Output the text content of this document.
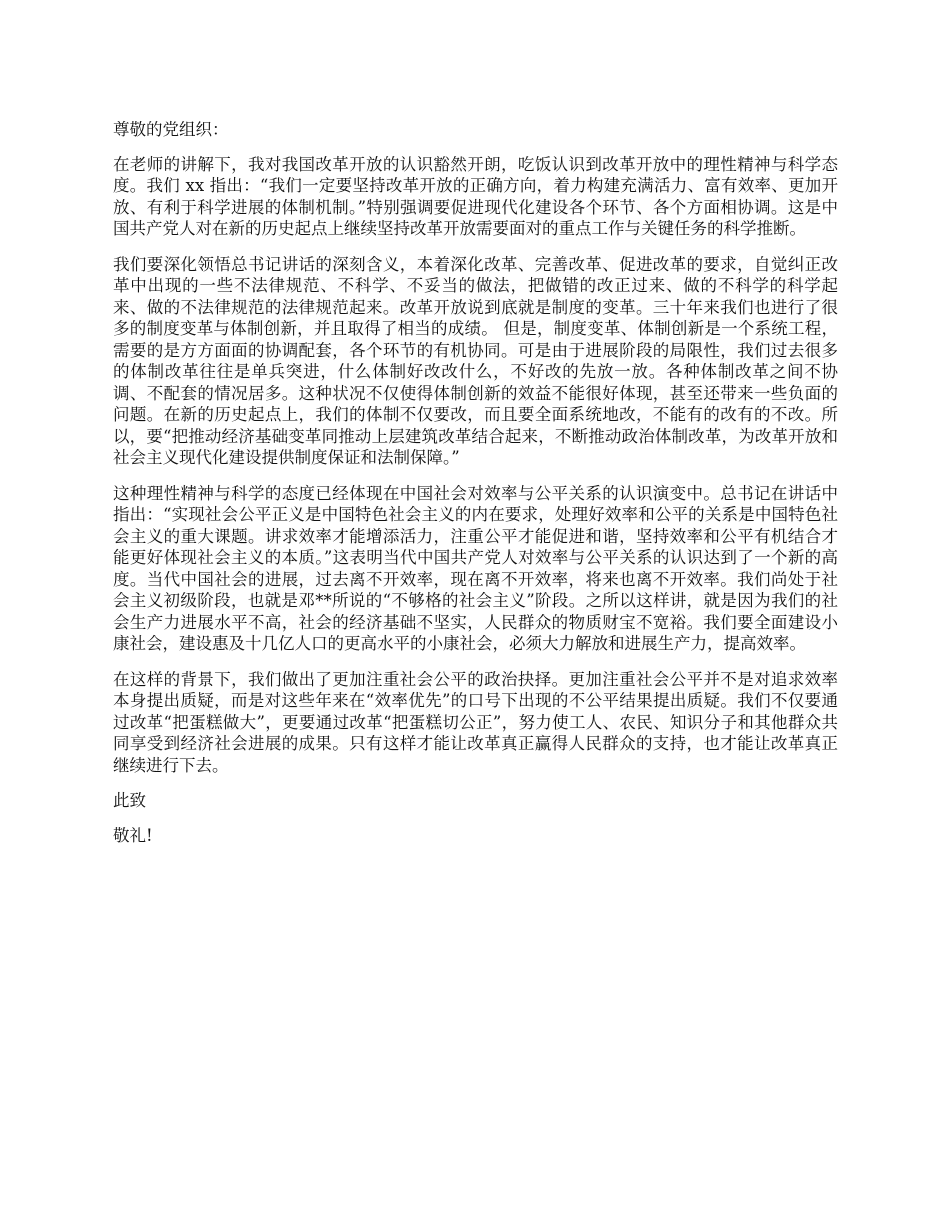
尊敬的党组织：

在老师的讲解下，我对我国改革开放的认识豁然开朗，吃饭认识到改革开放中的理性精神与科学态度。我们 xx 指出：“我们一定要坚持改革开放的正确方向，着力构建充满活力、富有效率、更加开放、有利于科学进展的体制机制。”特别强调要促进现代化建设各个环节、各个方面相协调。这是中国共产党人对在新的历史起点上继续坚持改革开放需要面对的重点工作与关键任务的科学推断。

我们要深化领悟总书记讲话的深刻含义，本着深化改革、完善改革、促进改革的要求，自觉纠正改革中出现的一些不法律规范、不科学、不妥当的做法，把做错的改正过来、做的不科学的科学起来、做的不法律规范的法律规范起来。改革开放说到底就是制度的变革。三十年来我们也进行了很多的制度变革与体制创新，并且取得了相当的成绩。 但是，制度变革、体制创新是一个系统工程，需要的是方方面面的协调配套，各个环节的有机协同。可是由于进展阶段的局限性，我们过去很多的体制改革往往是单兵突进，什么体制好改改什么，不好改的先放一放。各种体制改革之间不协调、不配套的情况居多。这种状况不仅使得体制创新的效益不能很好体现，甚至还带来一些负面的问题。在新的历史起点上，我们的体制不仅要改，而且要全面系统地改，不能有的改有的不改。所以，要“把推动经济基础变革同推动上层建筑改革结合起来，不断推动政治体制改革，为改革开放和社会主义现代化建设提供制度保证和法制保障。”

这种理性精神与科学的态度已经体现在中国社会对效率与公平关系的认识演变中。总书记在讲话中指出：“实现社会公平正义是中国特色社会主义的内在要求，处理好效率和公平的关系是中国特色社会主义的重大课题。讲求效率才能增添活力，注重公平才能促进和谐，坚持效率和公平有机结合才能更好体现社会主义的本质。”这表明当代中国共产党人对效率与公平关系的认识达到了一个新的高度。当代中国社会的进展，过去离不开效率，现在离不开效率，将来也离不开效率。我们尚处于社会主义初级阶段，也就是邓**所说的“不够格的社会主义”阶段。之所以这样讲，就是因为我们的社会生产力进展水平不高，社会的经济基础不坚实，人民群众的物质财宝不宽裕。我们要全面建设小康社会，建设惠及十几亿人口的更高水平的小康社会，必须大力解放和进展生产力，提高效率。

在这样的背景下，我们做出了更加注重社会公平的政治抉择。更加注重社会公平并不是对追求效率本身提出质疑，而是对这些年来在“效率优先”的口号下出现的不公平结果提出质疑。我们不仅要通过改革“把蛋糕做大”，更要通过改革“把蛋糕切公正”，努力使工人、农民、知识分子和其他群众共同享受到经济社会进展的成果。只有这样才能让改革真正赢得人民群众的支持，也才能让改革真正继续进行下去。

此致

敬礼!
